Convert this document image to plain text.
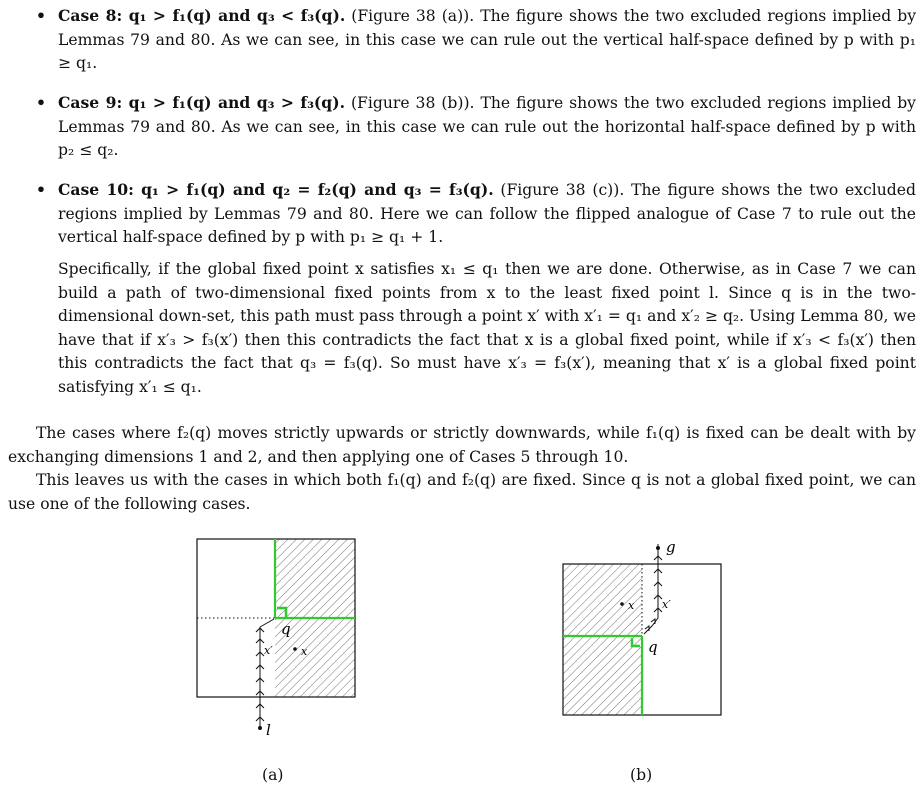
• Case 8: q₁ > f₁(q) and q₃ < f₃(q). (Figure 38 (a)). The figure shows the two excluded regions implied by Lemmas 79 and 80. As we can see, in this case we can rule out the vertical half-space defined by p with p₁ ≥ q₁.
• Case 9: q₁ > f₁(q) and q₃ > f₃(q). (Figure 38 (b)). The figure shows the two excluded regions implied by Lemmas 79 and 80. As we can see, in this case we can rule out the horizontal half-space defined by p with p₂ ≤ q₂.
• Case 10: q₁ > f₁(q) and q₂ = f₂(q) and q₃ = f₃(q). (Figure 38 (c)). The figure shows the two excluded regions implied by Lemmas 79 and 80. Here we can follow the flipped analogue of Case 7 to rule out the vertical half-space defined by p with p₁ ≥ q₁ + 1.
Specifically, if the global fixed point x satisfies x₁ ≤ q₁ then we are done. Otherwise, as in Case 7 we can build a path of two-dimensional fixed points from x to the least fixed point l. Since q is in the two-dimensional down-set, this path must pass through a point x′ with x′₁ = q₁ and x′₂ ≥ q₂. Using Lemma 80, we have that if x′₃ > f₃(x′) then this contradicts the fact that x is a global fixed point, while if x′₃ < f₃(x′) then this contradicts the fact that q₃ = f₃(q). So must have x′₃ = f₃(x′), meaning that x′ is a global fixed point satisfying x′₁ ≤ q₁.
The cases where f₂(q) moves strictly upwards or strictly downwards, while f₁(q) is fixed can be dealt with by exchanging dimensions 1 and 2, and then applying one of Cases 5 through 10.
This leaves us with the cases in which both f₁(q) and f₂(q) are fixed. Since q is not a global fixed point, we can use one of the following cases.
l
x′	x
q
(a)
g
x′
x
q
(b)
